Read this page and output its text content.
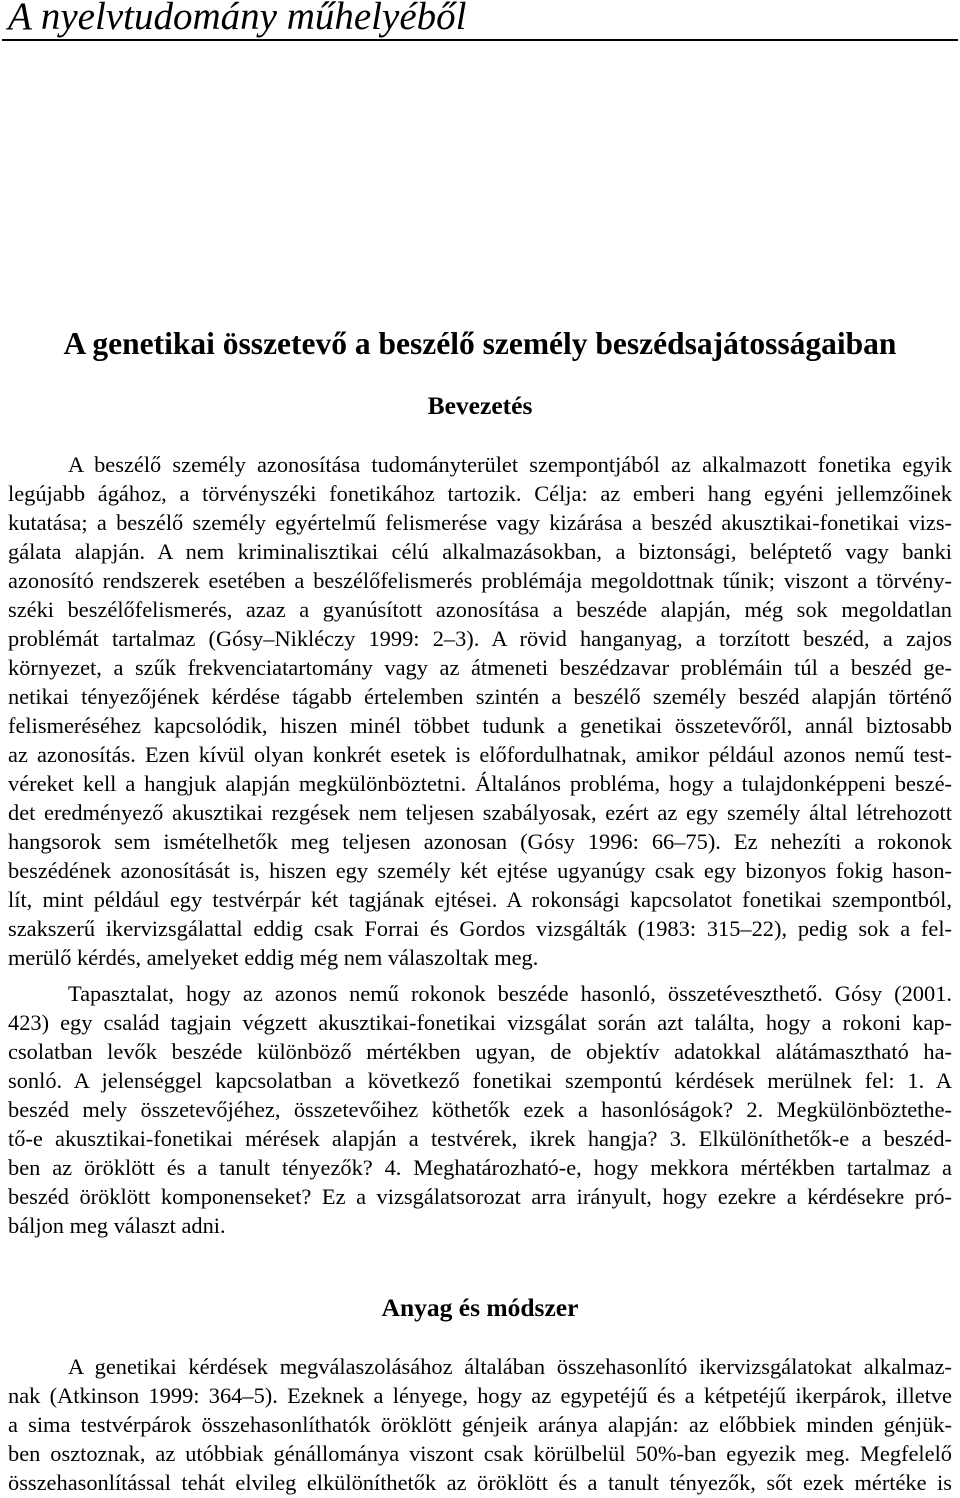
A nyelvtudomány műhelyéből
A genetikai összetevő a beszélő személy beszédsajátosságaiban
Bevezetés
A beszélő személy azonosítása tudományterület szempontjából az alkalmazott fonetika egyik
legújabb ágához, a törvényszéki fonetikához tartozik. Célja: az emberi hang egyéni jellemzőinek
kutatása; a beszélő személy egyértelmű felismerése vagy kizárása a beszéd akusztikai-fonetikai vizs-
gálata alapján. A nem kriminalisztikai célú alkalmazásokban, a biztonsági, beléptető vagy banki
azonosító rendszerek esetében a beszélőfelismerés problémája megoldottnak tűnik; viszont a törvény-
széki beszélőfelismerés, azaz a gyanúsított azonosítása a beszéde alapján, még sok megoldatlan
problémát tartalmaz (Gósy–Nikléczy 1999: 2–3). A rövid hanganyag, a torzított beszéd, a zajos
környezet, a szűk frekvenciatartomány vagy az átmeneti beszédzavar problémáin túl a beszéd ge-
netikai tényezőjének kérdése tágabb értelemben szintén a beszélő személy beszéd alapján történő
felismeréséhez kapcsolódik, hiszen minél többet tudunk a genetikai összetevőről, annál biztosabb
az azonosítás. Ezen kívül olyan konkrét esetek is előfordulhatnak, amikor például azonos nemű test-
véreket kell a hangjuk alapján megkülönböztetni. Általános probléma, hogy a tulajdonképpeni beszé-
det eredményező akusztikai rezgések nem teljesen szabályosak, ezért az egy személy által létrehozott
hangsorok sem ismételhetők meg teljesen azonosan (Gósy 1996: 66–75). Ez nehezíti a rokonok
beszédének azonosítását is, hiszen egy személy két ejtése ugyanúgy csak egy bizonyos fokig hason-
lít, mint például egy testvérpár két tagjának ejtései. A rokonsági kapcsolatot fonetikai szempontból,
szakszerű ikervizsgálattal eddig csak Forrai és Gordos vizsgálták (1983: 315–22), pedig sok a fel-
merülő kérdés, amelyeket eddig még nem válaszoltak meg.
Tapasztalat, hogy az azonos nemű rokonok beszéde hasonló, összetéveszthető. Gósy (2001.
423) egy család tagjain végzett akusztikai-fonetikai vizsgálat során azt találta, hogy a rokoni kap-
csolatban levők beszéde különböző mértékben ugyan, de objektív adatokkal alátámasztható ha-
sonló. A jelenséggel kapcsolatban a következő fonetikai szempontú kérdések merülnek fel: 1. A
beszéd mely összetevőjéhez, összetevőihez köthetők ezek a hasonlóságok? 2. Megkülönböztethe-
tő-e akusztikai-fonetikai mérések alapján a testvérek, ikrek hangja? 3. Elkülöníthetők-e a beszéd-
ben az öröklött és a tanult tényezők? 4. Meghatározható-e, hogy mekkora mértékben tartalmaz a
beszéd öröklött komponenseket? Ez a vizsgálatsorozat arra irányult, hogy ezekre a kérdésekre pró-
báljon meg választ adni.
Anyag és módszer
A genetikai kérdések megválaszolásához általában összehasonlító ikervizsgálatokat alkalmaz-
nak (Atkinson 1999: 364–5). Ezeknek a lényege, hogy az egypetéjű és a kétpetéjű ikerpárok, illetve
a sima testvérpárok összehasonlíthatók öröklött génjeik aránya alapján: az előbbiek minden génjük-
ben osztoznak, az utóbbiak génállománya viszont csak körülbelül 50%-ban egyezik meg. Megfelelő
összehasonlítással tehát elvileg elkülöníthetők az öröklött és a tanult tényezők, sőt ezek mértéke is
